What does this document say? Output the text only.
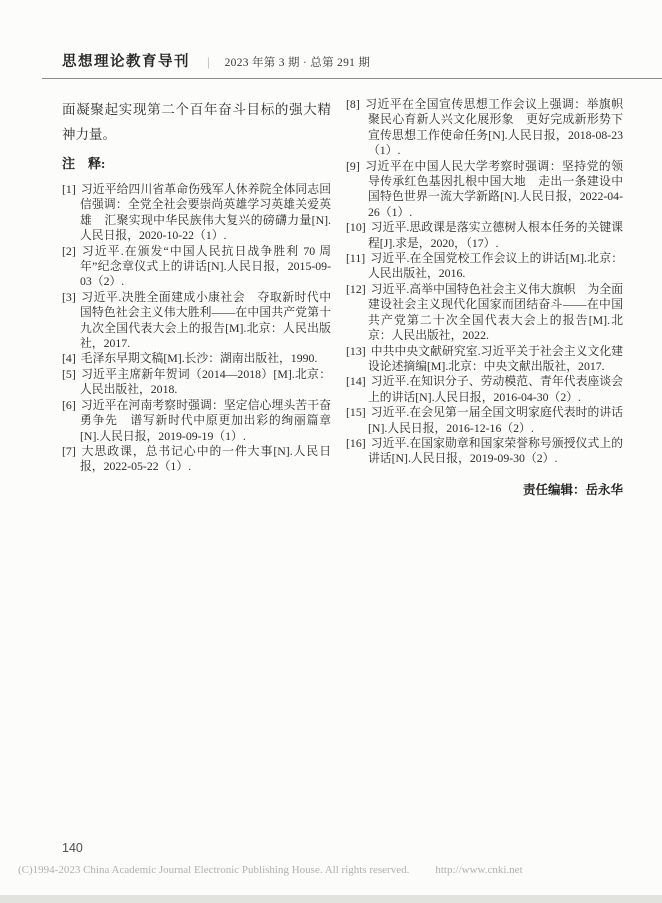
思想理论教育导刊 | 2023 年第 3 期 · 总第 291 期

面凝聚起实现第二个百年奋斗目标的强大精神力量。

注　释:

[1] 习近平给四川省革命伤残军人休养院全体同志回信强调：全党全社会要崇尚英雄学习英雄关爱英雄　汇聚实现中华民族伟大复兴的磅礴力量[N].人民日报，2020-10-22（1）.
[2] 习近平.在颁发“中国人民抗日战争胜利 70 周年”纪念章仪式上的讲话[N].人民日报，2015-09-03（2）.
[3] 习近平.决胜全面建成小康社会　夺取新时代中国特色社会主义伟大胜利——在中国共产党第十九次全国代表大会上的报告[M].北京：人民出版社，2017.
[4] 毛泽东早期文稿[M].长沙：湖南出版社，1990.
[5] 习近平主席新年贺词（2014—2018）[M].北京：人民出版社，2018.
[6] 习近平在河南考察时强调：坚定信心埋头苦干奋勇争先　谱写新时代中原更加出彩的绚丽篇章[N].人民日报，2019-09-19（1）.
[7] 大思政课，总书记心中的一件大事[N].人民日报，2022-05-22（1）.
[8] 习近平在全国宣传思想工作会议上强调：举旗帜聚民心育新人兴文化展形象　更好完成新形势下宣传思想工作使命任务[N].人民日报，2018-08-23（1）.
[9] 习近平在中国人民大学考察时强调：坚持党的领导传承红色基因扎根中国大地　走出一条建设中国特色世界一流大学新路[N].人民日报，2022-04-26（1）.
[10] 习近平.思政课是落实立德树人根本任务的关键课程[J].求是，2020，（17）.
[11] 习近平.在全国党校工作会议上的讲话[M].北京：人民出版社，2016.
[12] 习近平.高举中国特色社会主义伟大旗帜　为全面建设社会主义现代化国家而团结奋斗——在中国共产党第二十次全国代表大会上的报告[M].北京：人民出版社，2022.
[13] 中共中央文献研究室.习近平关于社会主义文化建设论述摘编[M].北京：中央文献出版社，2017.
[14] 习近平.在知识分子、劳动模范、青年代表座谈会上的讲话[N].人民日报，2016-04-30（2）.
[15] 习近平.在会见第一届全国文明家庭代表时的讲话[N].人民日报，2016-12-16（2）.
[16] 习近平.在国家勋章和国家荣誉称号颁授仪式上的讲话[N].人民日报，2019-09-30（2）.

责任编辑：岳永华

140
(C)1994-2023 China Academic Journal Electronic Publishing House. All rights reserved. http://www.cnki.net
